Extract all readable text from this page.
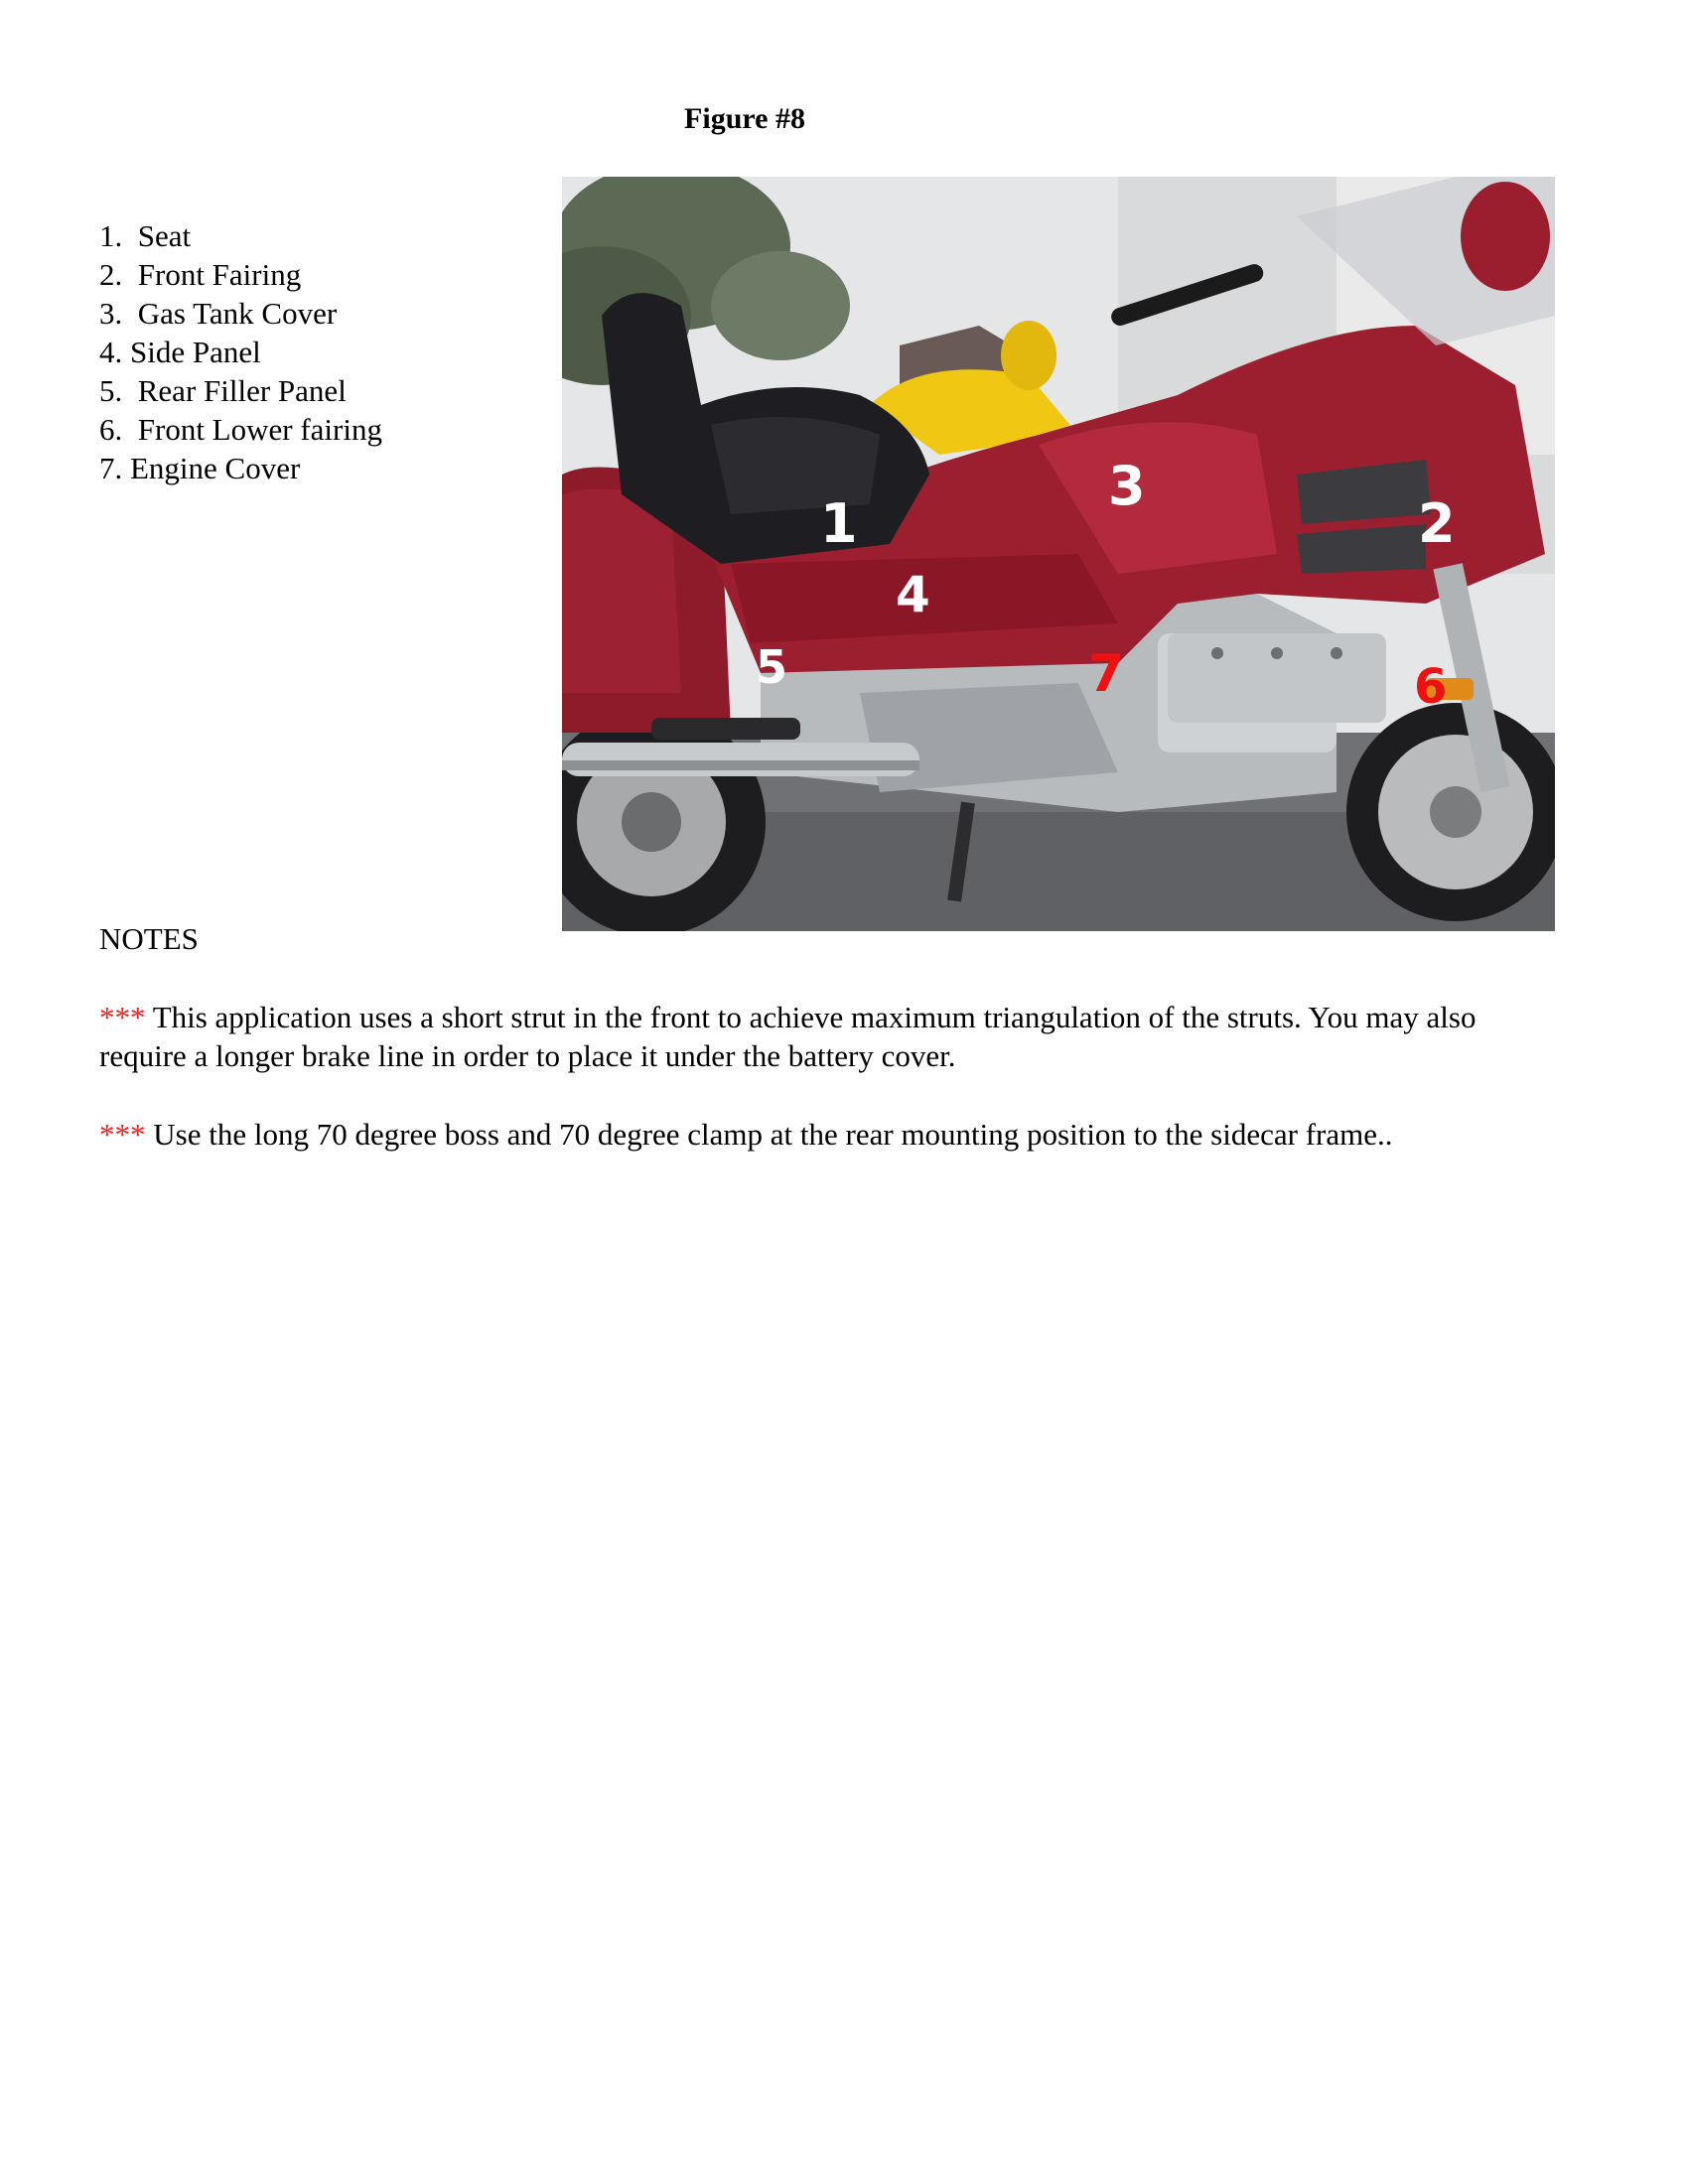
Figure #8
1.  Seat
2.  Front Fairing
3.  Gas Tank Cover
4. Side Panel
5.  Rear Filler Panel
6.  Front Lower fairing
7. Engine Cover
1	2
3
4
5	6
7
NOTES
*** This application uses a short strut in the front to achieve maximum triangulation of the struts. You may also require a longer brake line in order to place it under the battery cover.
*** Use the long 70 degree boss and 70 degree clamp at the rear mounting position to the sidecar frame..
